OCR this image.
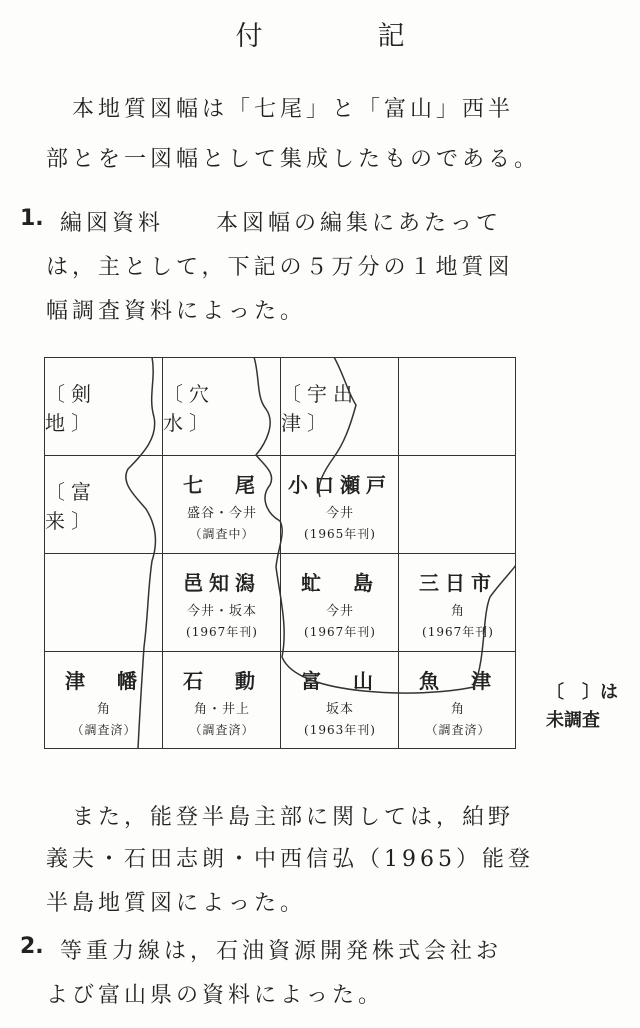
付　記
本地質図幅は「七尾」と「富山」西半
部とを一図幅として集成したものである。
1. 編図資料　　本図幅の編集にあたって
は，主として，下記の５万分の１地質図
幅調査資料によった。
〔剣　地〕
〔穴　水〕
〔宇出津〕
〔富　来〕
七　尾
盛谷・今井
（調査中）
小口瀬戸
今井
(1965年刊)
邑知潟
今井・坂本
(1967年刊)
虻　島
今井
(1967年刊)
三日市
角
(1967年刊)
津　幡
角
（調査済）
石　動
角・井上
（調査済）
富　山
坂本
(1963年刊)
魚　津
角
（調査済）
〔　〕は
未調査
また，能登半島主部に関しては，絈野
義夫・石田志朗・中西信弘（1965）能登
半島地質図によった。
2. 等重力線は，石油資源開発株式会社お
よび富山県の資料によった。
